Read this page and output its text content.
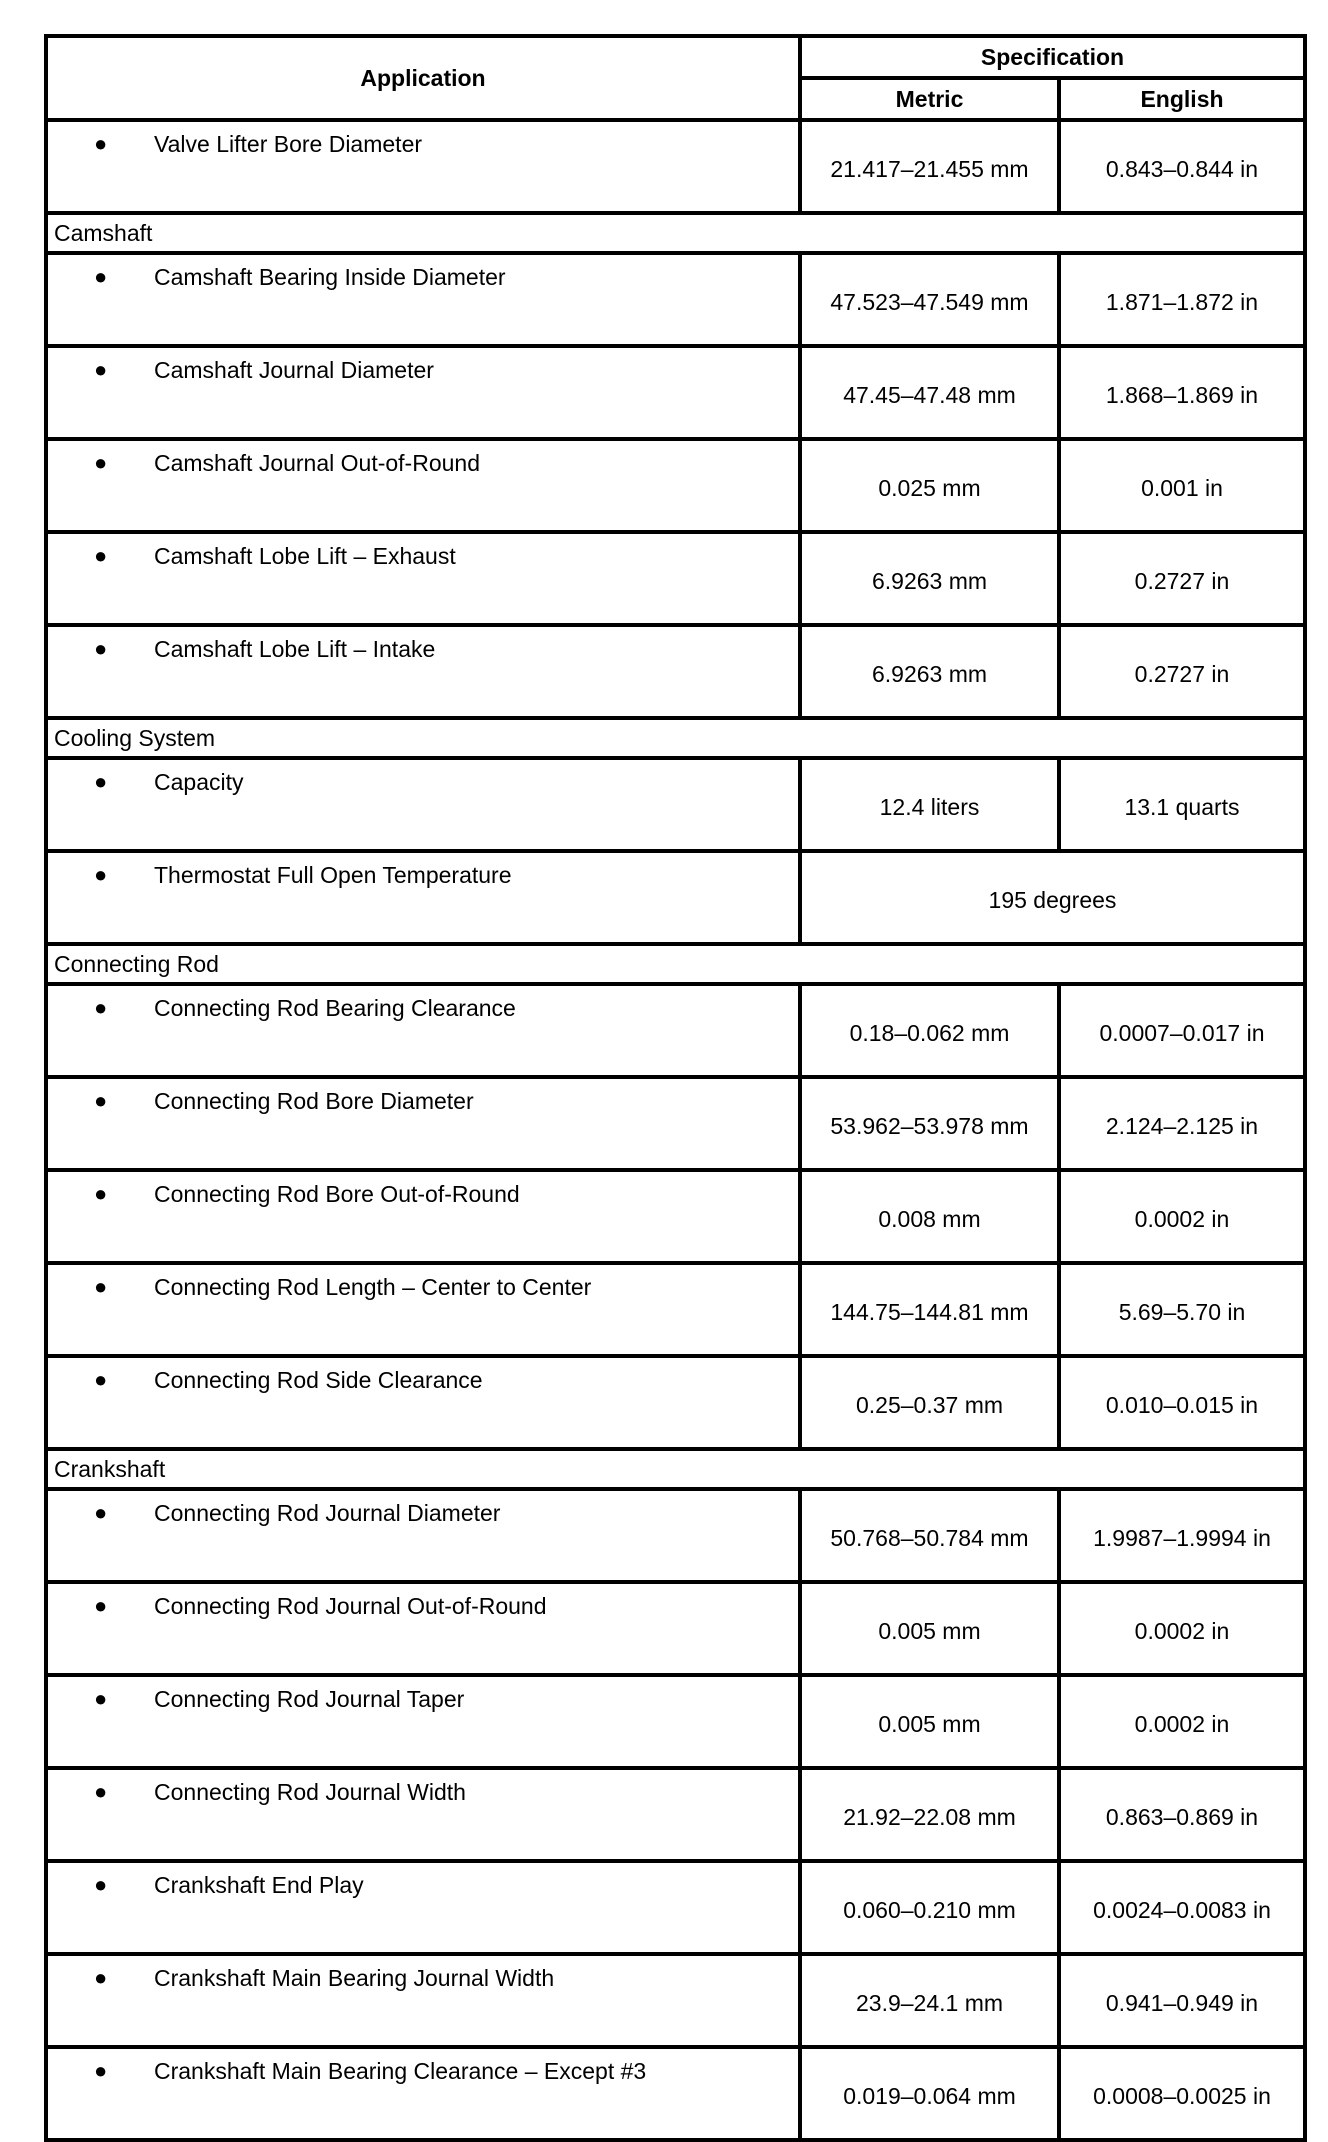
Application	Specification	
	Metric	English

● Valve Lifter Bore Diameter	21.417–21.455 mm	0.843–0.844 in
Camshaft		

● Camshaft Bearing Inside Diameter	47.523–47.549 mm	1.871–1.872 in

● Camshaft Journal Diameter	47.45–47.48 mm	1.868–1.869 in

● Camshaft Journal Out-of-Round	0.025 mm	0.001 in

● Camshaft Lobe Lift – Exhaust	6.9263 mm	0.2727 in

● Camshaft Lobe Lift – Intake	6.9263 mm	0.2727 in
Cooling System		

● Capacity	12.4 liters	13.1 quarts

● Thermostat Full Open Temperature	195 degrees	
Connecting Rod		

● Connecting Rod Bearing Clearance	0.18–0.062 mm	0.0007–0.017 in

● Connecting Rod Bore Diameter	53.962–53.978 mm	2.124–2.125 in

● Connecting Rod Bore Out-of-Round	0.008 mm	0.0002 in

● Connecting Rod Length – Center to Center	144.75–144.81 mm	5.69–5.70 in

● Connecting Rod Side Clearance	0.25–0.37 mm	0.010–0.015 in
Crankshaft		

● Connecting Rod Journal Diameter	50.768–50.784 mm	1.9987–1.9994 in

● Connecting Rod Journal Out-of-Round	0.005 mm	0.0002 in

● Connecting Rod Journal Taper	0.005 mm	0.0002 in

● Connecting Rod Journal Width	21.92–22.08 mm	0.863–0.869 in

● Crankshaft End Play	0.060–0.210 mm	0.0024–0.0083 in

● Crankshaft Main Bearing Journal Width	23.9–24.1 mm	0.941–0.949 in

● Crankshaft Main Bearing Clearance – Except #3	0.019–0.064 mm	0.0008–0.0025 in
